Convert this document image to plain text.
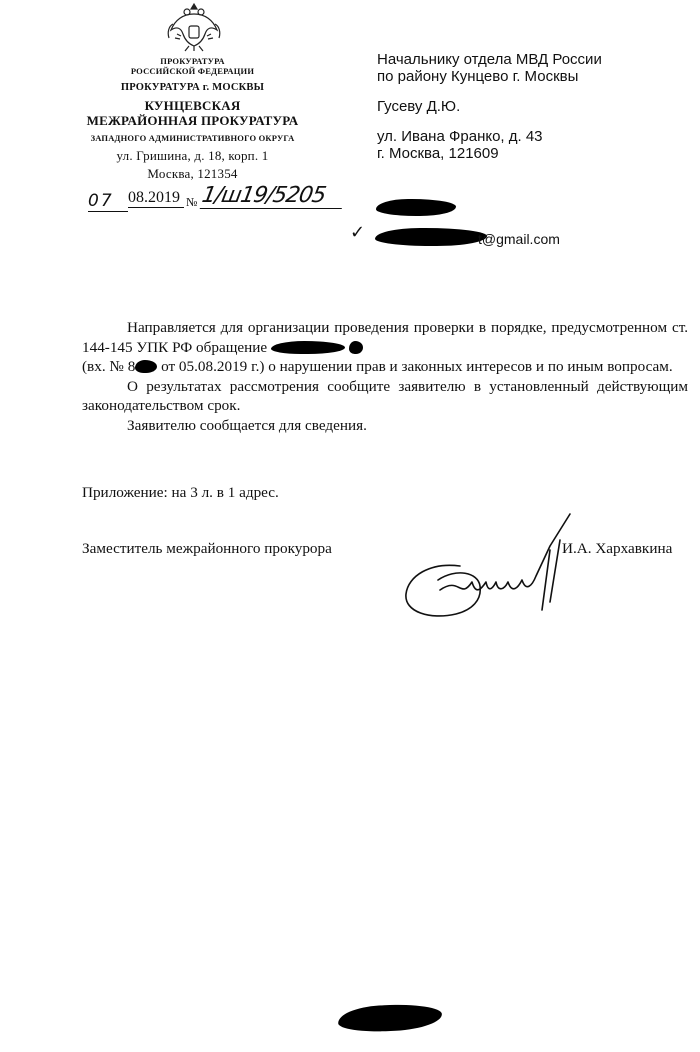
ПРОКУРАТУРА
РОССИЙСКОЙ ФЕДЕРАЦИИ
ПРОКУРАТУРА г. МОСКВЫ
КУНЦЕВСКАЯ
МЕЖРАЙОННАЯ ПРОКУРАТУРА
ЗАПАДНОГО АДМИНИСТРАТИВНОГО ОКРУГА
ул. Гришина, д. 18, корп. 1
Москва, 121354
07 08.2019 № 1/ш19/5205
Начальнику отдела МВД России
по району Кунцево г. Москвы
Гусеву Д.Ю.
ул. Ивана Франко, д. 43
г. Москва, 121609
✓	t@gmail.com

Направляется для организации проведения проверки в порядке, предусмотренном ст. 144-145 УПК РФ обращение

(вх. № 8 от 05.08.2019 г.) о нарушении прав и законных интересов и по иным вопросам.

О результатах рассмотрения сообщите заявителю в установленный действующим законодательством срок.

Заявителю сообщается для сведения.

Приложение: на 3 л. в 1 адрес.
Заместитель межрайонного прокурора	И.А. Хархавкина
